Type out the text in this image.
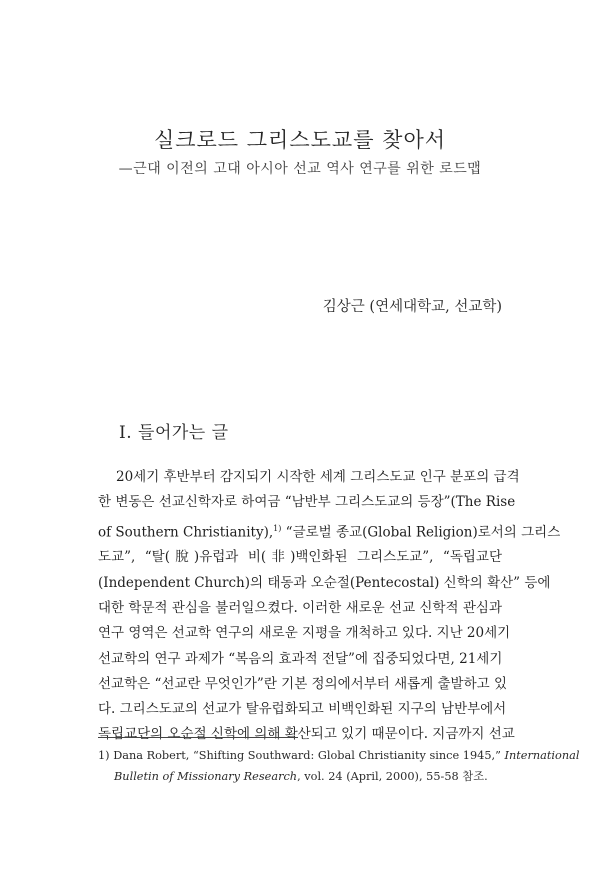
실크로드 그리스도교를 찾아서
—근대 이전의 고대 아시아 선교 역사 연구를 위한 로드맵
김상근 (연세대학교, 선교학)
Ⅰ. 들어가는 글
20세기 후반부터 감지되기 시작한 세계 그리스도교 인구 분포의 급격
한 변동은 선교신학자로 하여금 “남반부 그리스도교의 등장”(The Rise
of Southern Christianity),$^{1)}$ “글로벌 종교(Global Religion)로서의 그리스
도교”, “탈(脫)유럽과 비(非)백인화된 그리스도교”, “독립교단
(Independent Church)의 태동과 오순절(Pentecostal) 신학의 확산” 등에
대한 학문적 관심을 불러일으켰다. 이러한 새로운 선교 신학적 관심과
연구 영역은 선교학 연구의 새로운 지평을 개척하고 있다. 지난 20세기
선교학의 연구 과제가 “복음의 효과적 전달”에 집중되었다면, 21세기
선교학은 “선교란 무엇인가”란 기본 정의에서부터 새롭게 출발하고 있
다. 그리스도교의 선교가 탈유럽화되고 비백인화된 지구의 남반부에서
독립교단의 오순절 신학에 의해 확산되고 있기 때문이다. 지금까지 선교
1) Dana Robert, “Shifting Southward: Global Christianity since 1945,” International
Bulletin of Missionary Research, vol. 24 (April, 2000), 55-58 참조.
